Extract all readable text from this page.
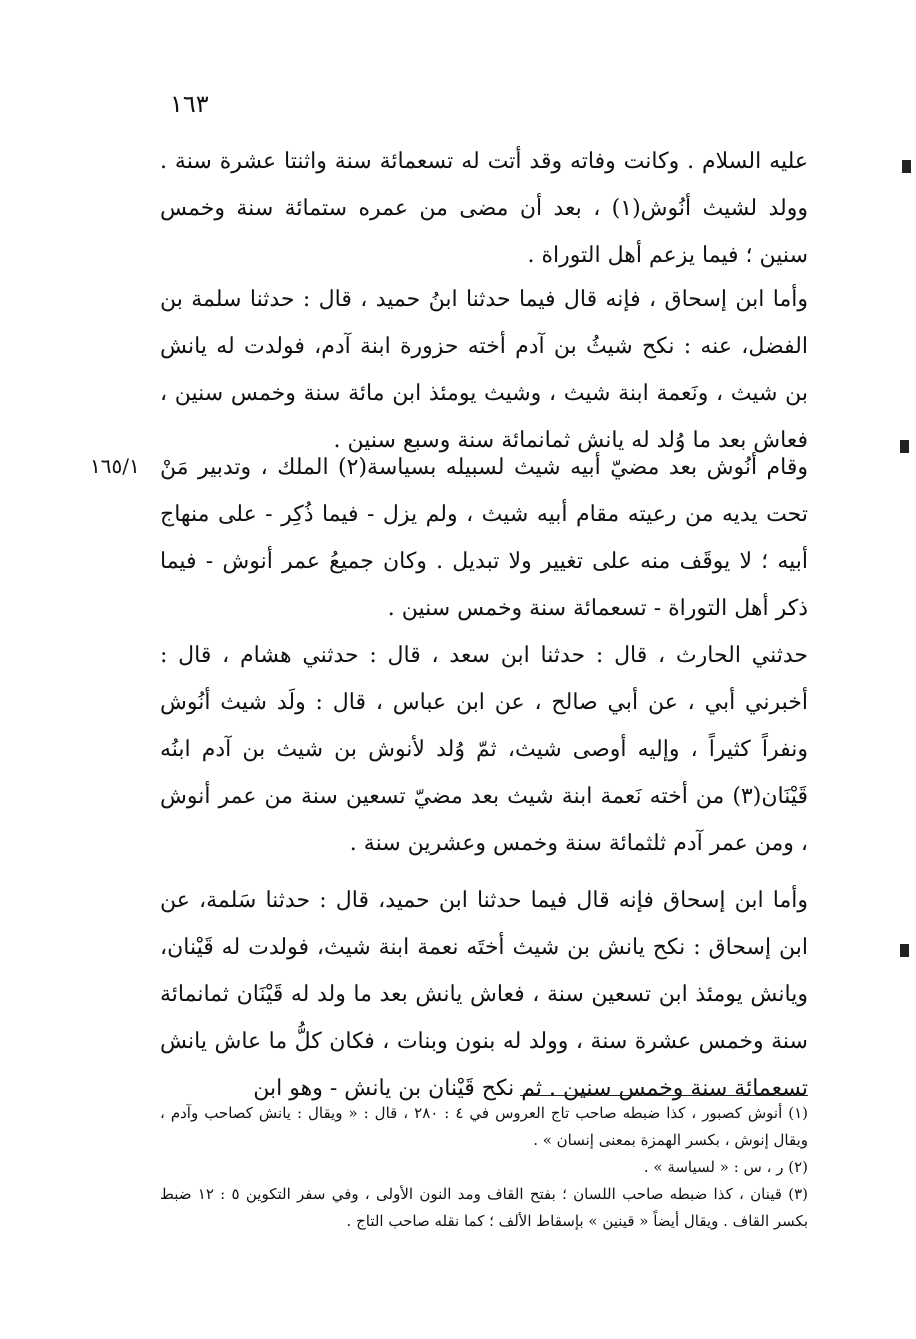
١٦٣
١٦٥/١

عليه السلام . وكانت وفاته وقد أتت له تسعمائة سنة واثنتا عشرة سنة . وولد لشيث أنُوش(١) ، بعد أن مضى من عمره ستمائة سنة وخمس سنين ؛ فيما يزعم أهل التوراة .

وأما ابن إسحاق ، فإنه قال فيما حدثنا ابنُ حميد ، قال : حدثنا سلمة بن الفضل، عنه : نكح شيثُ بن آدم أخته حزورة ابنة آدم، فولدت له يانش بن شيث ، ونَعمة ابنة شيث ، وشيث يومئذ ابن مائة سنة وخمس سنين ، فعاش بعد ما وُلد له يانش ثمانمائة سنة وسبع سنين .

وقام أنُوش بعد مضيّ أبيه شيث لسبيله بسياسة(٢) الملك ، وتدبير مَنْ تحت يديه من رعيته مقام أبيه شيث ، ولم يزل - فيما ذُكِر - على منهاج أبيه ؛ لا يوقَف منه على تغيير ولا تبديل . وكان جميعُ عمر أنوش - فيما ذكر أهل التوراة - تسعمائة سنة وخمس سنين .

حدثني الحارث ، قال : حدثنا ابن سعد ، قال : حدثني هشام ، قال : أخبرني أبي ، عن أبي صالح ، عن ابن عباس ، قال : ولَد شيث أنُوش ونفراً كثيراً ، وإليه أوصى شيث، ثمّ وُلد لأنوش بن شيث بن آدم ابنُه قَيْنَان(٣) من أخته نَعمة ابنة شيث بعد مضيّ تسعين سنة من عمر أنوش ، ومن عمر آدم ثلثمائة سنة وخمس وعشرين سنة .

وأما ابن إسحاق فإنه قال فيما حدثنا ابن حميد، قال : حدثنا سَلمة، عن ابن إسحاق : نكح يانش بن شيث أختَه نعمة ابنة شيث، فولدت له قَيْنان، ويانش يومئذ ابن تسعين سنة ، فعاش يانش بعد ما ولد له قَيْنَان ثمانمائة سنة وخمس عشرة سنة ، وولد له بنون وبنات ، فكان كلُّ ما عاش يانش تسعمائة سنة وخمس سنين . ثم نكح قَيْنان بن يانش - وهو ابن

(١) أنوش كصبور ، كذا ضبطه صاحب تاج العروس في ٤ : ٢٨٠ ، قال : « ويقال : يانش كصاحب وآدم ، ويقال إنوش ، بكسر الهمزة بمعنى إنسان » .

(٢) ر ، س : « لسياسة » .

(٣) قينان ، كذا ضبطه صاحب اللسان ؛ بفتح القاف ومد النون الأولى ، وفي سفر التكوين ٥ : ١٢ ضبط بكسر القاف . ويقال أيضاً « قينين » بإسقاط الألف ؛ كما نقله صاحب التاج .
